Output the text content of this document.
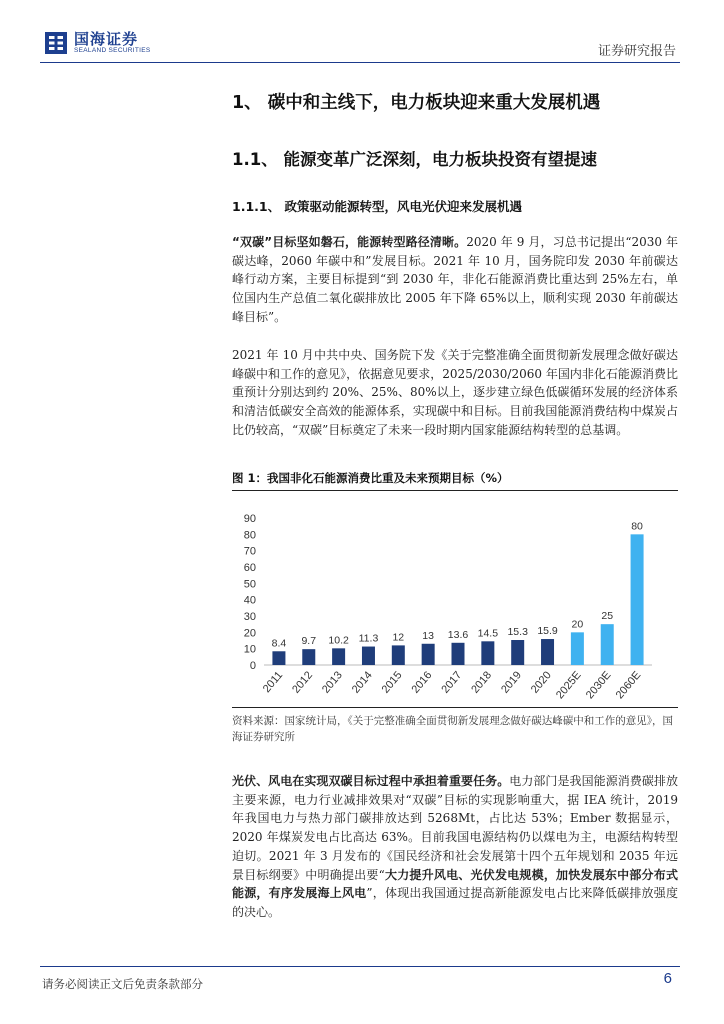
国海证券
SEALAND SECURITIES	证券研究报告
1、 碳中和主线下，电力板块迎来重大发展机遇
1.1、 能源变革广泛深刻，电力板块投资有望提速
1.1.1、 政策驱动能源转型，风电光伏迎来发展机遇
“双碳”目标坚如磐石，能源转型路径清晰。2020 年 9 月，习总书记提出“2030 年碳达峰，2060 年碳中和”发展目标。2021 年 10 月，国务院印发 2030 年前碳达峰行动方案，主要目标提到“到 2030 年，非化石能源消费比重达到 25%左右，单位国内生产总值二氧化碳排放比 2005 年下降 65%以上，顺利实现 2030 年前碳达峰目标”。
2021 年 10 月中共中央、国务院下发《关于完整准确全面贯彻新发展理念做好碳达峰碳中和工作的意见》，依据意见要求，2025/2030/2060 年国内非化石能源消费比重预计分别达到约 20%、25%、80%以上，逐步建立绿色低碳循环发展的经济体系和清洁低碳安全高效的能源体系，实现碳中和目标。目前我国能源消费结构中煤炭占比仍较高，“双碳”目标奠定了未来一段时期内国家能源结构转型的总基调。
图 1：我国非化石能源消费比重及未来预期目标（%）
0
10
20
30
40
50
60
70
80
90
8.4 9.7 10.2 11.3 12 13 13.6 14.5 15.3 15.9
20
25
80
2011 2012 2013 2014 2015 2016 2017 2018 2019 2020 2025E 2030E 2060E
资料来源：国家统计局，《关于完整准确全面贯彻新发展理念做好碳达峰碳中和工作的意见》，国海证券研究所
光伏、风电在实现双碳目标过程中承担着重要任务。电力部门是我国能源消费碳排放主要来源，电力行业减排效果对“双碳”目标的实现影响重大，据 IEA 统计，2019 年我国电力与热力部门碳排放达到 5268Mt，占比达 53%；Ember 数据显示，2020 年煤炭发电占比高达 63%。目前我国电源结构仍以煤电为主，电源结构转型迫切。2021 年 3 月发布的《国民经济和社会发展第十四个五年规划和 2035 年远景目标纲要》中明确提出要“大力提升风电、光伏发电规模，加快发展东中部分布式能源，有序发展海上风电”，体现出我国通过提高新能源发电占比来降低碳排放强度的决心。
请务必阅读正文后免责条款部分	6
